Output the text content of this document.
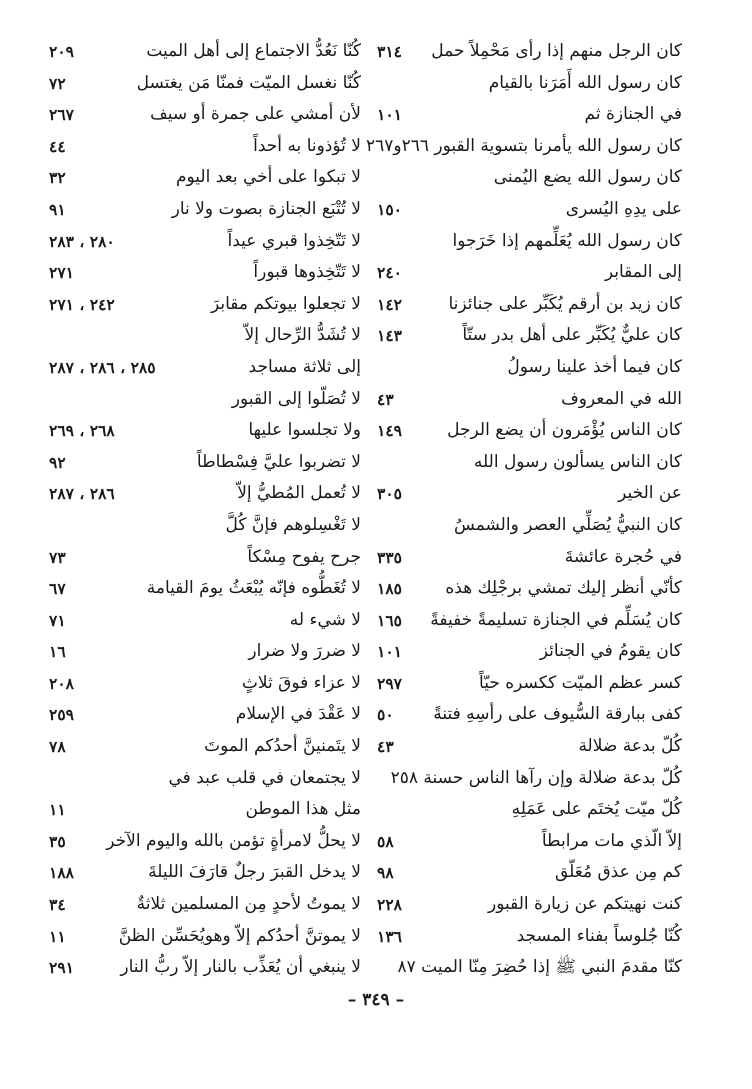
كان الرجل منهم إذا رأى مَحْمِلاً حمل
٣١٤
كان رسول الله أَمَرَنا بالقيام
في الجنازة ثم
١٠١
كان رسول الله يأمرنا بتسوية القبور ٢٦٦و٢٦٧
كان رسول الله يضع اليُمنى
على يدِهِ اليُسرى
١٥٠
كان رسول الله يُعَلِّمهم إذا خَرَجوا
إلى المقابر
٢٤٠
كان زيد بن أرقم يُكَبِّر على جنائزنا
١٤٢
كان عليٌّ يُكَبِّر على أهل بدر ستّاً
١٤٣
كان فيما أخذ علينا رسولُ
الله في المعروف
٤٣
كان الناس يُؤْمَرون أن يضع الرجل
١٤٩
كان الناس يسألون رسول الله
عن الخير
٣٠٥
كان النبيُّ يُصَلِّي العصر والشمسُ
في حُجرة عائشةَ
٣٣٥
كأنّي أنظر إليك تمشي برجْلِك هذه
١٨٥
كان يُسَلِّم في الجنازة تسليمةً خفيفةً
١٦٥
كان يقومُ في الجنائز
١٠١
كسر عظم الميّت ككسره حيّاً
٢٩٧
كفى ببارقة السُّيوف على رأسِهِ فتنةً
٥٠
كُلّ بدعة ضلالة
٤٣
كُلّ بدعة ضلالة وإن رآها الناس حسنة ٢٥٨
كُلّ ميّت يُختَم على عَمَلِهِ
إلاّ الّذي مات مرابطاً
٥٨
كم مِن عذق مُعَلّق
٩٨
كنت نهيتكم عن زيارة القبور
٢٢٨
كُنّا جُلوساً بفناء المسجد
١٣٦
كنّا مقدمَ النبي ﷺ إذا حُضِرَ مِنّا الميت ٨٧
كُنّا نَعُدُّ الاجتماع إلى أهل الميت
٢٠٩
كُنّا نغسل الميّت فمنّا مَن يغتسل
٧٢
لأن أمشي على جمرة أو سيف
٢٦٧
لا تُؤذونا به أحداً
٤٤
لا تبكوا على أخي بعد اليوم
٣٢
لا تُتْبَع الجنازة بصوت ولا نار
٩١
لا تَتّخِذوا قبري عيداً
٢٨٠ ، ٢٨٣
لا تَتّخِذوها قبوراً
٢٧١
لا تجعلوا بيوتكم مقابرَ
٢٤٢ ، ٢٧١
لا تُشَدُّ الرِّحال إلاّ
إلى ثلاثة مساجد
٢٨٥ ، ٢٨٦ ، ٢٨٧
لا تُصَلّوا إلى القبور
ولا تجلسوا عليها
٢٦٨ ، ٢٦٩
لا تضربوا عليَّ فِسْطاطاً
٩٢
لا تُعمل المُطيُّ إلاّ
٢٨٦ ، ٢٨٧
لا تَغْسِلوهم فإنَّ كُلَّ
جرح يفوح مِسْكاً
٧٣
لا تُغَطُّوه فإنّه يُبْعَثُ يومَ القيامة
٦٧
لا شيء له
٧١
لا ضررَ ولا ضرار
١٦
لا عزاء فوقَ ثلاثٍ
٢٠٨
لا عَقْدَ في الإسلام
٢٥٩
لا يتَمنينَّ أحدُكم الموتَ
٧٨
لا يجتمعان في قلب عبد في
مثل هذا الموطن
١١
لا يحلُّ لامرأةٍ تؤمن بالله واليوم الآخر
٣٥
لا يدخل القبرَ رجلٌ قارَفَ الليلةَ
١٨٨
لا يموتُ لأحدٍ مِن المسلمين ثلاثةٌ
٣٤
لا يموتنَّ أحدُكم إلاّ وهويُحَسِّن الظنَّ
١١
لا ينبغي أن يُعَذِّب بالنار إلاّ ربُّ النار
٢٩١
– ٣٤٩ –
